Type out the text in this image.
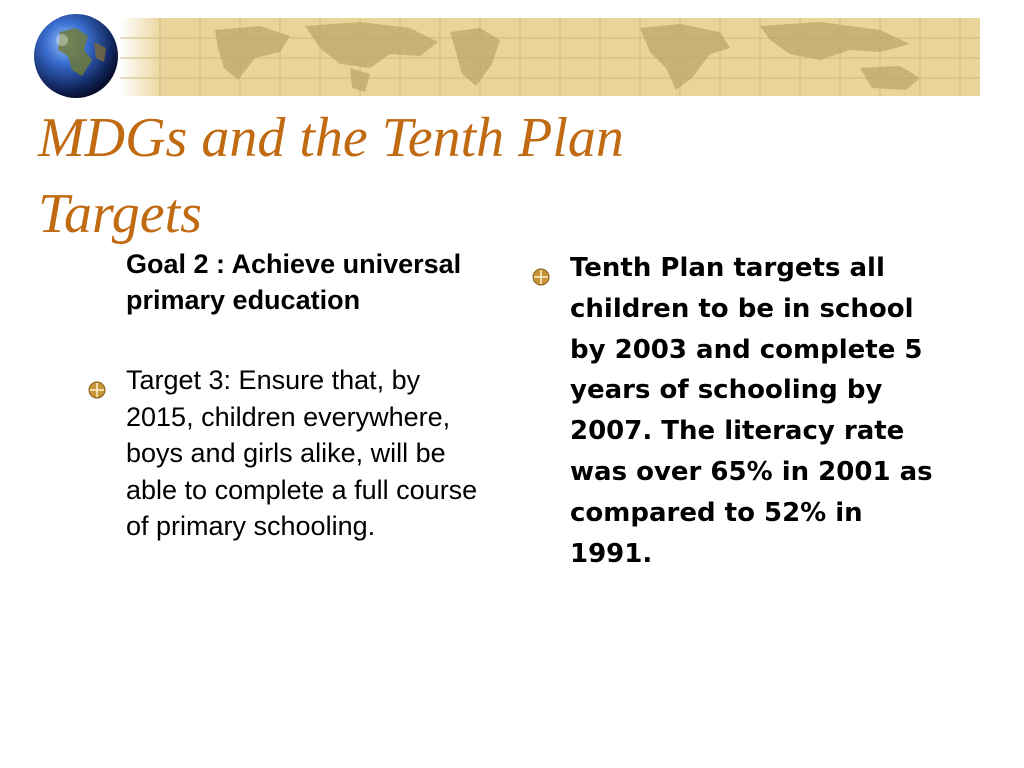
MDGs and the Tenth Plan Targets

Goal 2 : Achieve universal primary education

Target 3: Ensure that, by 2015, children everywhere, boys and girls alike, will be able to complete a full course of primary schooling.
Tenth Plan targets all children to be in school by 2003 and complete 5 years of schooling by 2007. The literacy rate was over 65% in 2001 as compared to 52% in 1991.
